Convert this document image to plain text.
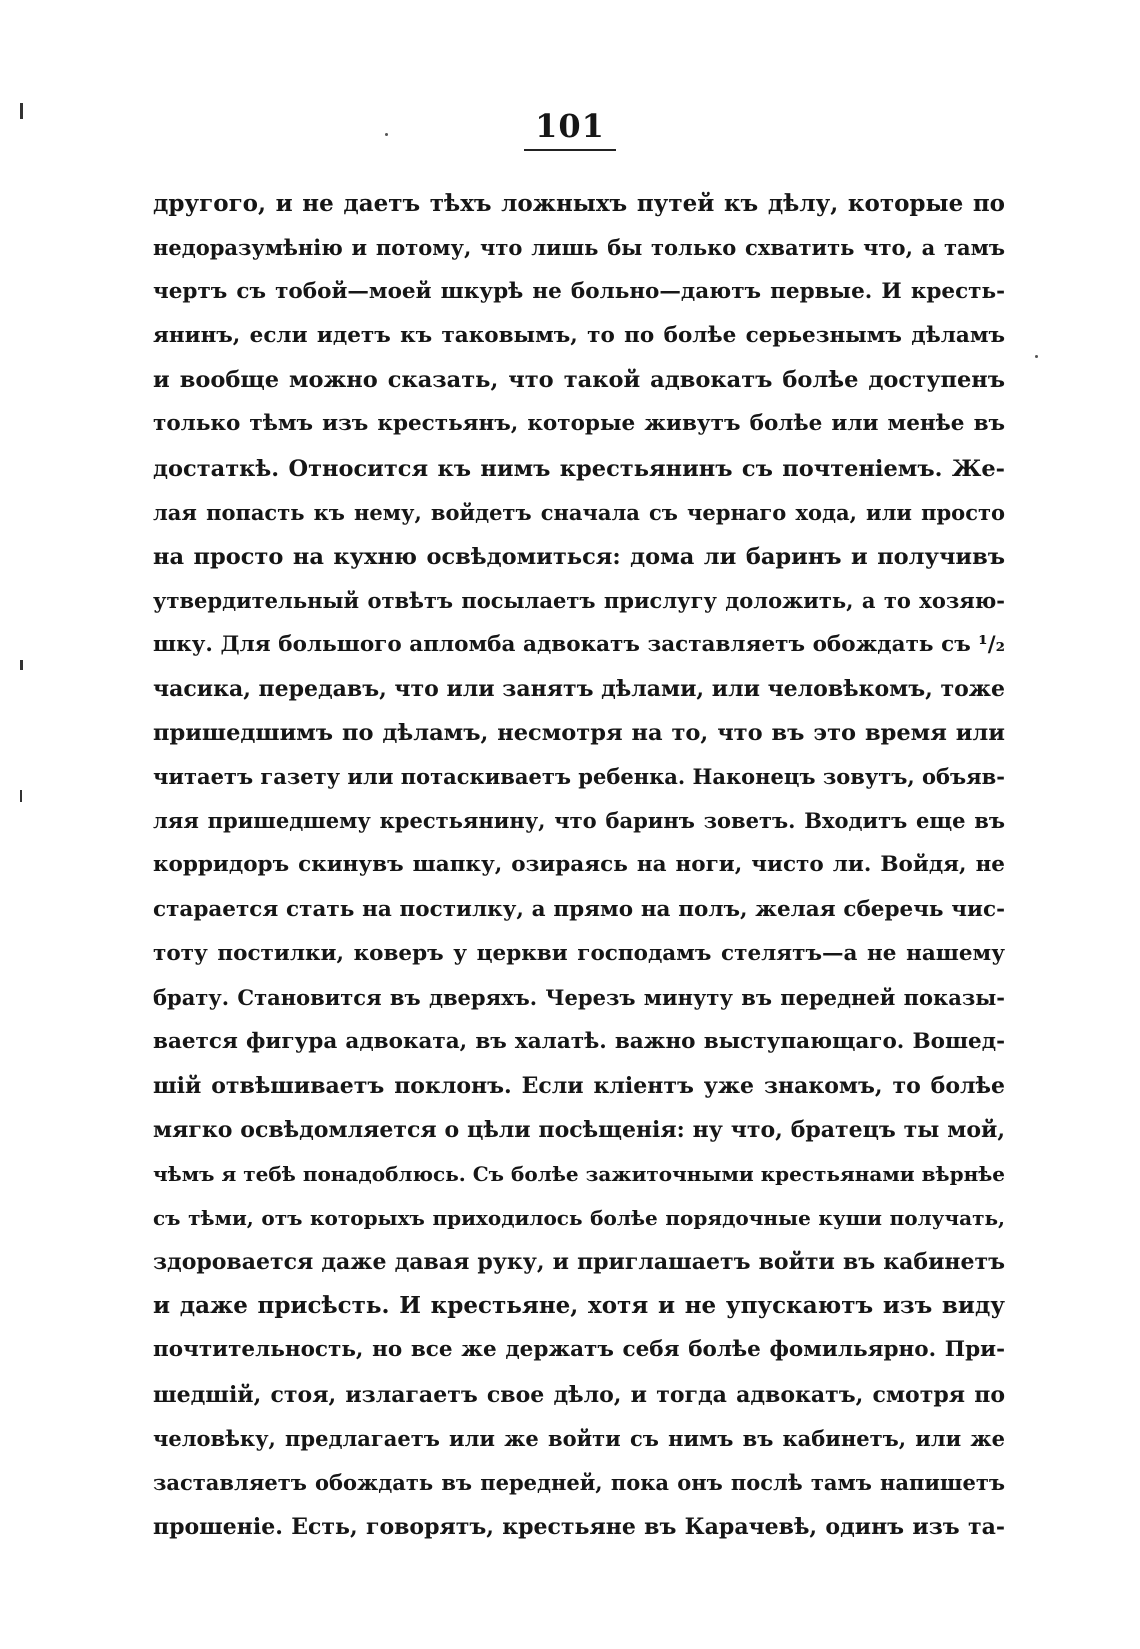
101
другого, и не даетъ тѣхъ ложныхъ путей къ дѣлу, которые по
недоразумѣнію и потому, что лишь бы только схватить что, а тамъ
чертъ съ тобой—моей шкурѣ не больно—даютъ первые. И кресть-
янинъ, если идетъ къ таковымъ, то по болѣе серьезнымъ дѣламъ
и вообще можно сказать, что такой адвокатъ болѣе доступенъ
только тѣмъ изъ крестьянъ, которые живутъ болѣе или менѣе въ
достаткѣ. Относится къ нимъ крестьянинъ съ почтеніемъ. Же-
лая попасть къ нему, войдетъ сначала съ чернаго хода, или просто
на просто на кухню освѣдомиться: дома ли баринъ и получивъ
утвердительный отвѣтъ посылаетъ прислугу доложить, а то хозяю-
шку. Для большого апломба адвокатъ заставляетъ обождать съ ¹/₂
часика, передавъ, что или занятъ дѣлами, или человѣкомъ, тоже
пришедшимъ по дѣламъ, несмотря на то, что въ это время или
читаетъ газету или потаскиваетъ ребенка. Наконецъ зовутъ, объяв-
ляя пришедшему крестьянину, что баринъ зоветъ. Входитъ еще въ
корридоръ скинувъ шапку, озираясь на ноги, чисто ли. Войдя, не
старается стать на постилку, а прямо на полъ, желая сберечь чис-
тоту постилки, коверъ у церкви господамъ стелятъ—а не нашему
брату. Становится въ дверяхъ. Черезъ минуту въ передней показы-
вается фигура адвоката, въ халатѣ. важно выступающаго. Вошед-
шій отвѣшиваетъ поклонъ. Если кліентъ уже знакомъ, то болѣе
мягко освѣдомляется о цѣли посѣщенія: ну что, братецъ ты мой,
чѣмъ я тебѣ понадоблюсь. Съ болѣе зажиточными крестьянами вѣрнѣе
съ тѣми, отъ которыхъ приходилось болѣе порядочные куши получать,
здоровается даже давая руку, и приглашаетъ войти въ кабинетъ
и даже присѣсть. И крестьяне, хотя и не упускаютъ изъ виду
почтительность, но все же держатъ себя болѣе фомильярно. При-
шедшій, стоя, излагаетъ свое дѣло, и тогда адвокатъ, смотря по
человѣку, предлагаетъ или же войти съ нимъ въ кабинетъ, или же
заставляетъ обождать въ передней, пока онъ послѣ тамъ напишетъ
прошеніе. Есть, говорятъ, крестьяне въ Карачевѣ, одинъ изъ та-
